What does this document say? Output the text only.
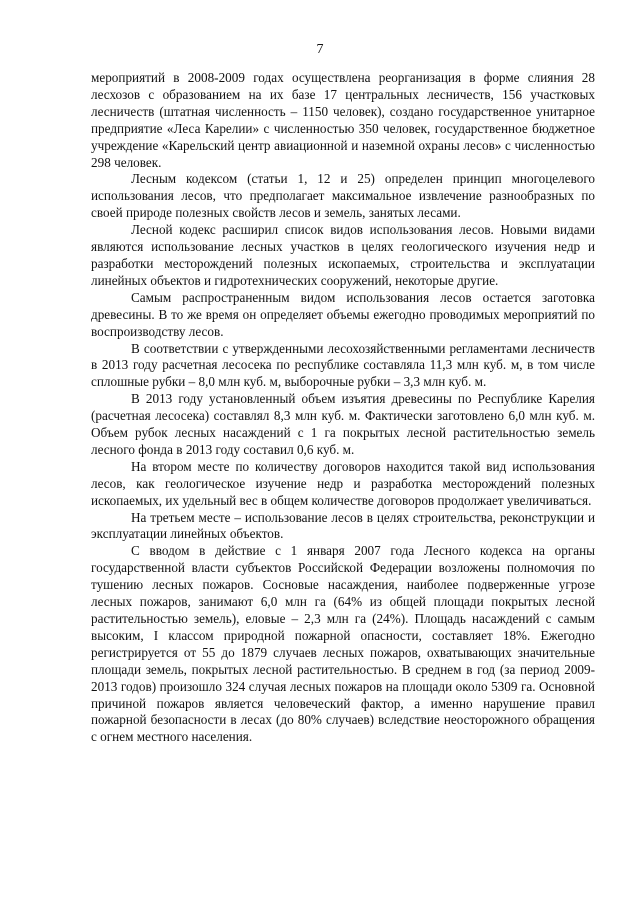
7

мероприятий в 2008-2009 годах осуществлена реорганизация в форме слияния 28 лесхозов с образованием на их базе 17 центральных лесничеств, 156 участковых лесничеств (штатная численность – 1150 человек), создано государственное унитарное предприятие «Леса Карелии» с численностью 350 человек, государственное бюджетное учреждение «Карельский центр авиационной и наземной охраны лесов» с численностью 298 человек.

Лесным кодексом (статьи 1, 12 и 25) определен принцип многоцелевого использования лесов, что предполагает максимальное извлечение разнообразных по своей природе полезных свойств лесов и земель, занятых лесами.

Лесной кодекс расширил список видов использования лесов. Новыми видами являются использование лесных участков в целях геологического изучения недр и разработки месторождений полезных ископаемых, строительства и эксплуатации линейных объектов и гидротехнических сооружений, некоторые другие.

Самым распространенным видом использования лесов остается заготовка древесины. В то же время он определяет объемы ежегодно проводимых мероприятий по воспроизводству лесов.

В соответствии с утвержденными лесохозяйственными регламентами лесничеств в 2013 году расчетная лесосека по республике составляла 11,3 млн куб. м, в том числе сплошные рубки – 8,0 млн куб. м, выборочные рубки – 3,3 млн куб. м.

В 2013 году установленный объем изъятия древесины по Республике Карелия (расчетная лесосека) составлял 8,3 млн куб. м. Фактически заготовлено 6,0 млн куб. м. Объем рубок лесных насаждений с 1 га покрытых лесной растительностью земель лесного фонда в 2013 году составил 0,6 куб. м.

На втором месте по количеству договоров находится такой вид использования лесов, как геологическое изучение недр и разработка месторождений полезных ископаемых, их удельный вес в общем количестве договоров продолжает увеличиваться.

На третьем месте – использование лесов в целях строительства, реконструкции и эксплуатации линейных объектов.

С вводом в действие с 1 января 2007 года Лесного кодекса на органы государственной власти субъектов Российской Федерации возложены полномочия по тушению лесных пожаров. Сосновые насаждения, наиболее подверженные угрозе лесных пожаров, занимают 6,0 млн га (64% из общей площади покрытых лесной растительностью земель), еловые – 2,3 млн га (24%). Площадь насаждений с самым высоким, I классом природной пожарной опасности, составляет 18%. Ежегодно регистрируется от 55 до 1879 случаев лесных пожаров, охватывающих значительные площади земель, покрытых лесной растительностью. В среднем в год (за период 2009-2013 годов) произошло 324 случая лесных пожаров на площади около 5309 га. Основной причиной пожаров является человеческий фактор, а именно нарушение правил пожарной безопасности в лесах (до 80% случаев) вследствие неосторожного обращения с огнем местного населения.
